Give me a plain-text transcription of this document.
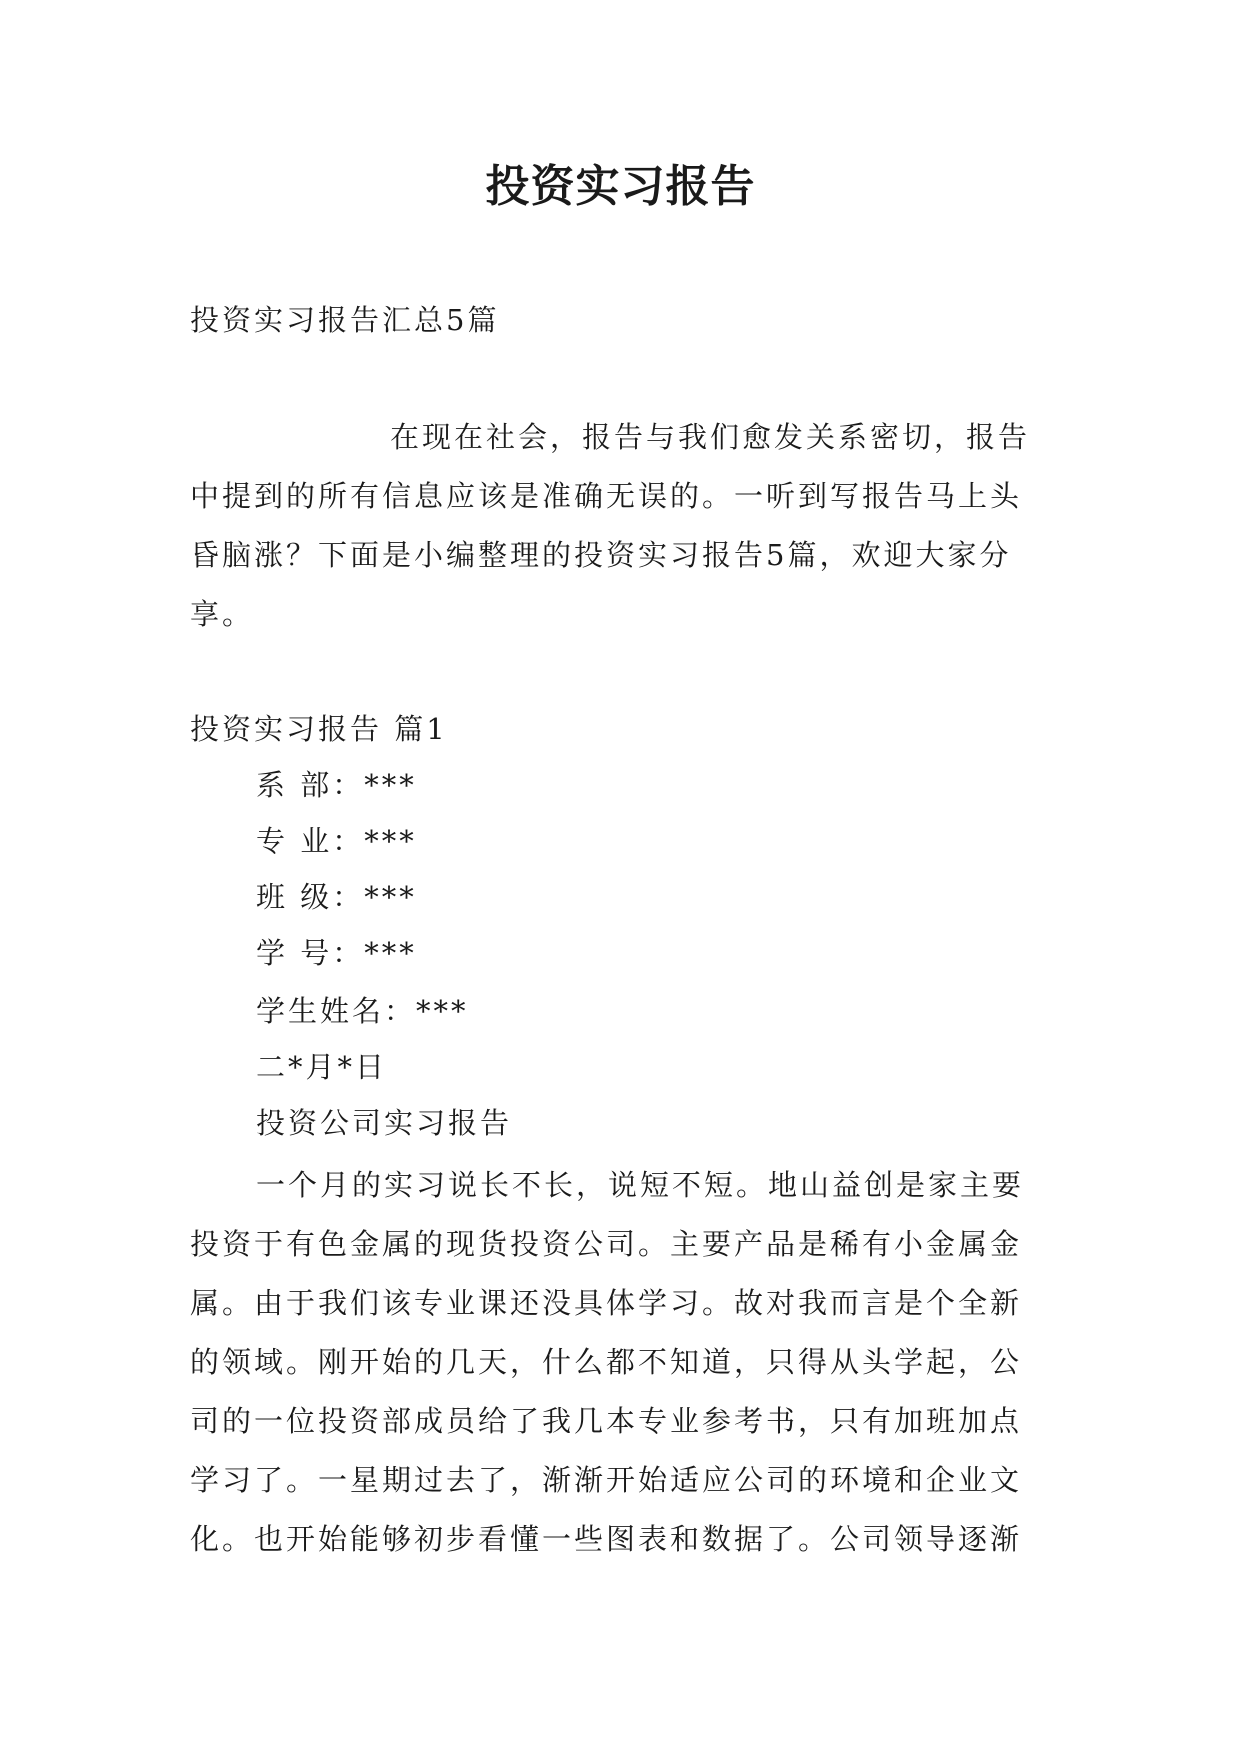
投资实习报告
投资实习报告汇总5篇
在现在社会，报告与我们愈发关系密切，报告
中提到的所有信息应该是准确无误的。一听到写报告马上头
昏脑涨？下面是小编整理的投资实习报告5篇，欢迎大家分
享。
投资实习报告 篇1
系 部：***
专 业：***
班 级：***
学 号：***
学生姓名：***
二*月*日
投资公司实习报告
一个月的实习说长不长，说短不短。地山益创是家主要
投资于有色金属的现货投资公司。主要产品是稀有小金属金
属。由于我们该专业课还没具体学习。故对我而言是个全新
的领域。刚开始的几天，什么都不知道，只得从头学起，公
司的一位投资部成员给了我几本专业参考书，只有加班加点
学习了。一星期过去了，渐渐开始适应公司的环境和企业文
化。也开始能够初步看懂一些图表和数据了。公司领导逐渐
